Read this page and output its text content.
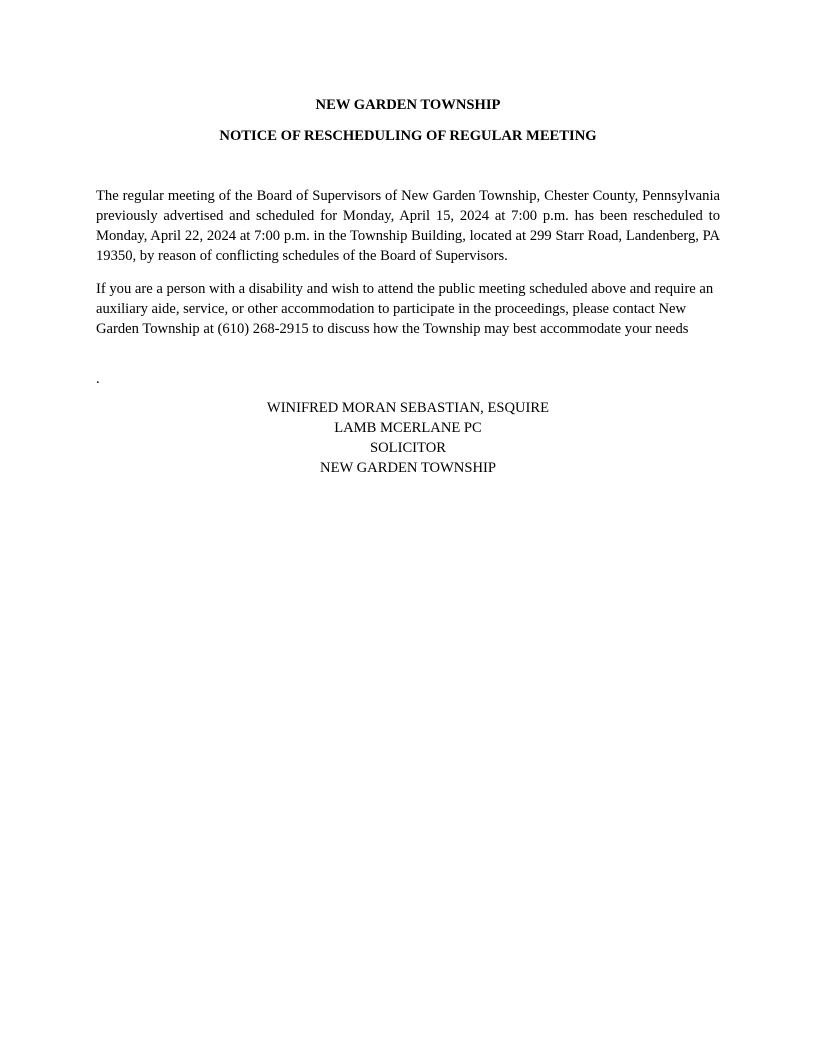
NEW GARDEN TOWNSHIP

NOTICE OF RESCHEDULING OF REGULAR MEETING

The regular meeting of the Board of Supervisors of New Garden Township, Chester County, Pennsylvania previously advertised and scheduled for Monday, April 15, 2024 at 7:00 p.m. has been rescheduled to Monday, April 22, 2024 at 7:00 p.m. in the Township Building, located at 299 Starr Road, Landenberg, PA 19350, by reason of conflicting schedules of the Board of Supervisors.

If you are a person with a disability and wish to attend the public meeting scheduled above and require an auxiliary aide, service, or other accommodation to participate in the proceedings, please contact New Garden Township at (610) 268-2915 to discuss how the Township may best accommodate your needs

.

WINIFRED MORAN SEBASTIAN, ESQUIRE

LAMB MCERLANE PC

SOLICITOR

NEW GARDEN TOWNSHIP
